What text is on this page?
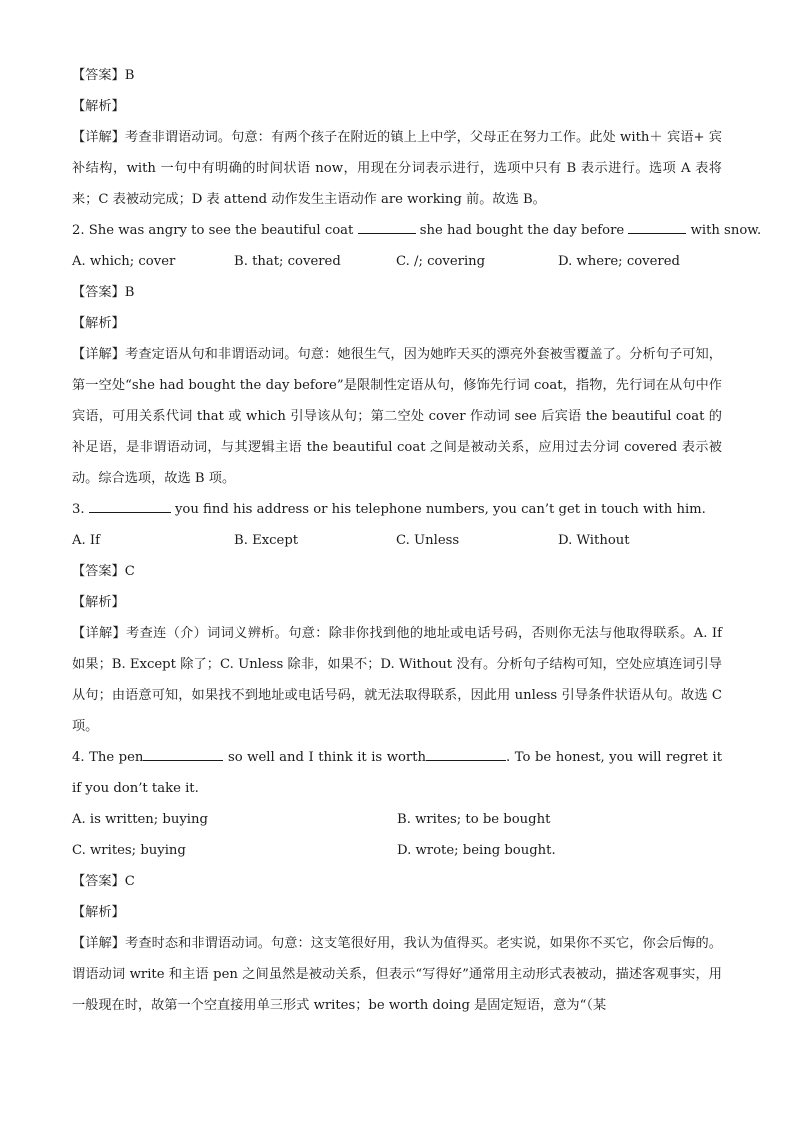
【答案】B

【解析】

【详解】考查非谓语动词。句意：有两个孩子在附近的镇上上中学，父母正在努力工作。此处 with＋ 宾语+ 宾补结构，with 一句中有明确的时间状语 now，用现在分词表示进行，选项中只有 B 表示进行。选项 A 表将来；C 表被动完成；D 表 attend 动作发生主语动作 are working 前。故选 B。

2. She was angry to see the beautiful coat	she had bought the day before	with snow.

A. which; cover	B. that; covered	C. /; covering	D. where; covered

【答案】B

【解析】

【详解】考查定语从句和非谓语动词。句意：她很生气，因为她昨天买的漂亮外套被雪覆盖了。分析句子可知，第一空处“she had bought the day before”是限制性定语从句，修饰先行词 coat，指物，先行词在从句中作宾语，可用关系代词 that 或 which 引导该从句；第二空处 cover 作动词 see 后宾语 the beautiful coat 的补足语，是非谓语动词，与其逻辑主语 the beautiful coat 之间是被动关系，应用过去分词 covered 表示被动。综合选项，故选 B 项。

3.	you find his address or his telephone numbers, you can’t get in touch with him.

A. If	B. Except	C. Unless	D. Without

【答案】C

【解析】

【详解】考查连（介）词词义辨析。句意：除非你找到他的地址或电话号码，否则你无法与他取得联系。A. If 如果；B. Except 除了；C. Unless 除非，如果不；D. Without 没有。分析句子结构可知，空处应填连词引导从句；由语意可知，如果找不到地址或电话号码，就无法取得联系，因此用 unless 引导条件状语从句。故选 C 项。

4. The pen	so well and I think it is worth	. To be honest, you will regret it if you don’t take it.

A. is written; buying	B. writes; to be bought
C. writes; buying	D. wrote; being bought.

【答案】C

【解析】

【详解】考查时态和非谓语动词。句意：这支笔很好用，我认为值得买。老实说，如果你不买它，你会后悔的。谓语动词 write 和主语 pen 之间虽然是被动关系，但表示“写得好”通常用主动形式表被动，描述客观事实，用一般现在时，故第一个空直接用单三形式 writes；be worth doing 是固定短语，意为“（某
